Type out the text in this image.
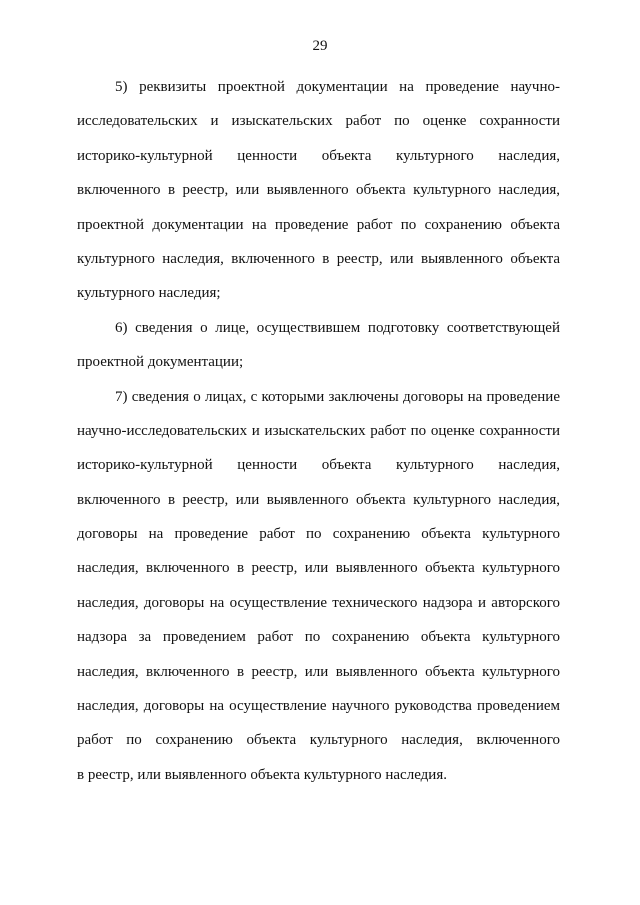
29
5) реквизиты проектной документации на проведение научно-
исследовательских и изыскательских работ по оценке сохранности
историко-культурной ценности объекта культурного наследия,
включенного в реестр, или выявленного объекта культурного наследия,
проектной документации на проведение работ по сохранению объекта
культурного наследия, включенного в реестр, или выявленного объекта
культурного наследия;
6) сведения о лице, осуществившем подготовку соответствующей
проектной документации;
7) сведения о лицах, с которыми заключены договоры на проведение
научно-исследовательских и изыскательских работ по оценке сохранности
историко-культурной ценности объекта культурного наследия,
включенного в реестр, или выявленного объекта культурного наследия,
договоры на проведение работ по сохранению объекта культурного
наследия, включенного в реестр, или выявленного объекта культурного
наследия, договоры на осуществление технического надзора и авторского
надзора за проведением работ по сохранению объекта культурного
наследия, включенного в реестр, или выявленного объекта культурного
наследия, договоры на осуществление научного руководства проведением
работ по сохранению объекта культурного наследия, включенного
в реестр, или выявленного объекта культурного наследия.
